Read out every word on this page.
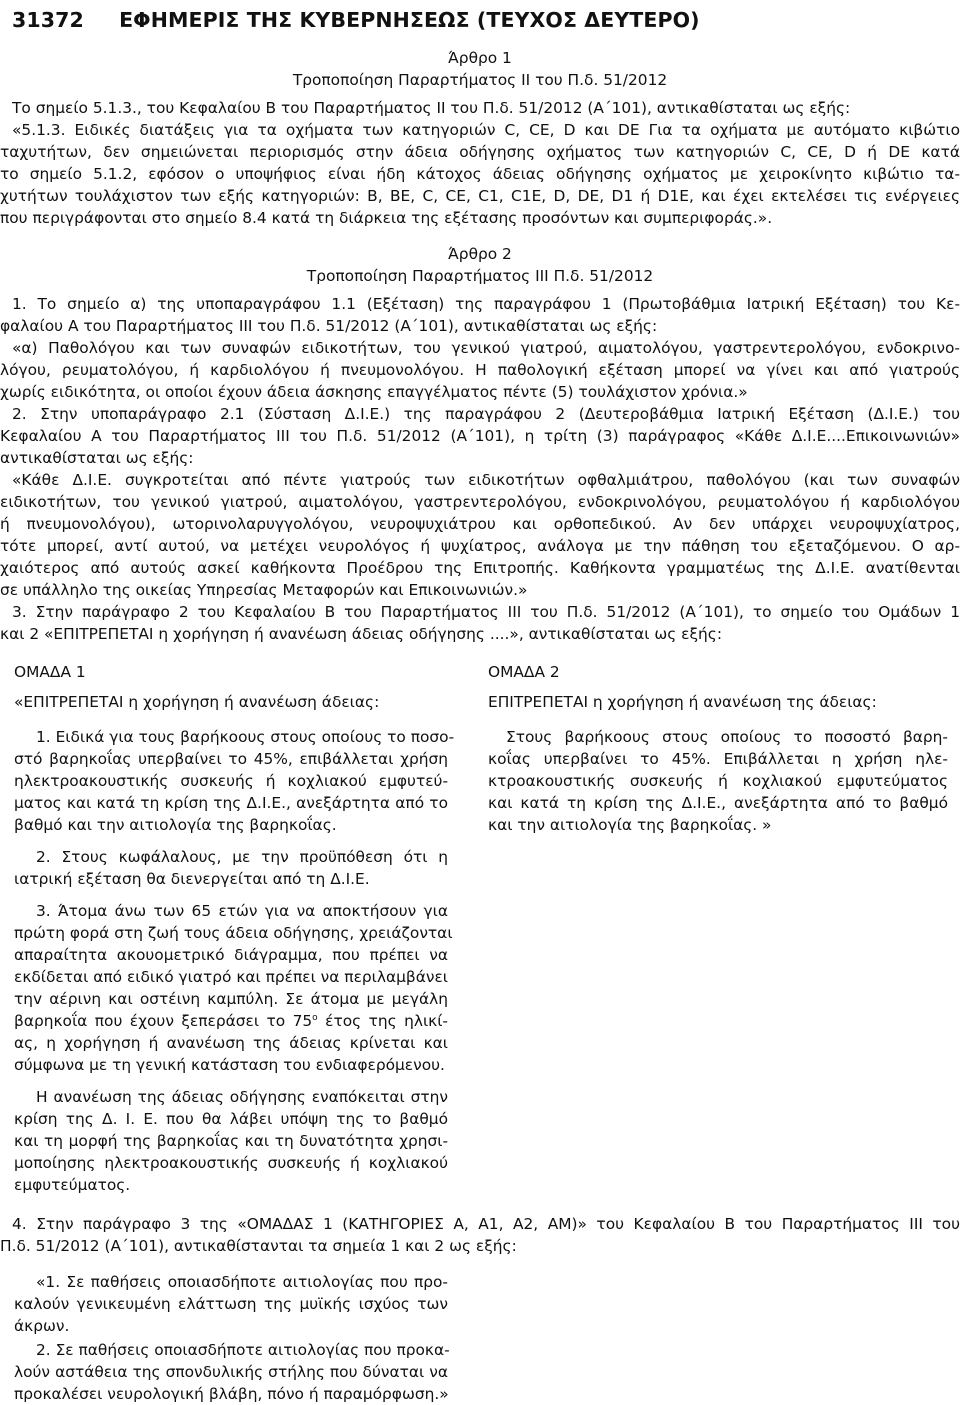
31372 ΕΦΗΜΕΡΙΣ ΤΗΣ ΚΥΒΕΡΝΗΣΕΩΣ (ΤΕΥΧΟΣ ΔΕΥΤΕΡΟ)
Άρθρο 1
Τροποποίηση Παραρτήματος ΙΙ του Π.δ. 51/2012
Το σημείο 5.1.3., του Κεφαλαίου Β του Παραρτήματος ΙΙ του Π.δ. 51/2012 (Α΄101), αντικαθίσταται ως εξής:
«5.1.3. Ειδικές διατάξεις για τα οχήματα των κατηγοριών C, CE, D και DE Για τα οχήματα με αυτόματο κιβώτιο
ταχυτήτων, δεν σημειώνεται περιορισμός στην άδεια οδήγησης οχήματος των κατηγοριών C, CE, D ή DE κατά
το σημείο 5.1.2, εφόσον ο υποψήφιος είναι ήδη κάτοχος άδειας οδήγησης οχήματος με χειροκίνητο κιβώτιο τα-
χυτήτων τουλάχιστον των εξής κατηγοριών: B, BE, C, CE, C1, C1E, D, DE, D1 ή D1E, και έχει εκτελέσει τις ενέργειες
που περιγράφονται στο σημείο 8.4 κατά τη διάρκεια της εξέτασης προσόντων και συμπεριφοράς.».
Άρθρο 2
Τροποποίηση Παραρτήματος ΙΙΙ Π.δ. 51/2012
1. Το σημείο α) της υποπαραγράφου 1.1 (Εξέταση) της παραγράφου 1 (Πρωτοβάθμια Ιατρική Εξέταση) του Κε-
φαλαίου Α του Παραρτήματος ΙΙΙ του Π.δ. 51/2012 (Α΄101), αντικαθίσταται ως εξής:
«α) Παθολόγου και των συναφών ειδικοτήτων, του γενικού γιατρού, αιματολόγου, γαστρεντερολόγου, ενδοκρινο-
λόγου, ρευματολόγου, ή καρδιολόγου ή πνευμονολόγου. Η παθολογική εξέταση μπορεί να γίνει και από γιατρούς
χωρίς ειδικότητα, οι οποίοι έχουν άδεια άσκησης επαγγέλματος πέντε (5) τουλάχιστον χρόνια.»
2. Στην υποπαράγραφο 2.1 (Σύσταση Δ.Ι.Ε.) της παραγράφου 2 (Δευτεροβάθμια Ιατρική Εξέταση (Δ.Ι.Ε.) του
Κεφαλαίου Α του Παραρτήματος ΙΙΙ του Π.δ. 51/2012 (Α΄101), η τρίτη (3) παράγραφος «Κάθε Δ.Ι.Ε....Επικοινωνιών»
αντικαθίσταται ως εξής:
«Κάθε Δ.Ι.Ε. συγκροτείται από πέντε γιατρούς των ειδικοτήτων οφθαλμιάτρου, παθολόγου (και των συναφών
ειδικοτήτων, του γενικού γιατρού, αιματολόγου, γαστρεντερολόγου, ενδοκρινολόγου, ρευματολόγου ή καρδιολόγου
ή πνευμονολόγου), ωτορινολαρυγγολόγου, νευροψυχιάτρου και ορθοπεδικού. Αν δεν υπάρχει νευροψυχίατρος,
τότε μπορεί, αντί αυτού, να μετέχει νευρολόγος ή ψυχίατρος, ανάλογα με την πάθηση του εξεταζόμενου. Ο αρ-
χαιότερος από αυτούς ασκεί καθήκοντα Προέδρου της Επιτροπής. Καθήκοντα γραμματέως της Δ.Ι.Ε. ανατίθενται
σε υπάλληλο της οικείας Υπηρεσίας Μεταφορών και Επικοινωνιών.»
3. Στην παράγραφο 2 του Κεφαλαίου Β του Παραρτήματος ΙΙΙ του Π.δ. 51/2012 (Α΄101), το σημείο του Ομάδων 1
και 2 «ΕΠΙΤΡΕΠΕΤΑΙ η χορήγηση ή ανανέωση άδειας οδήγησης ....», αντικαθίσταται ως εξής:
ΟΜΑΔΑ 1
«ΕΠΙΤΡΕΠΕΤΑΙ η χορήγηση ή ανανέωση άδειας:
1. Ειδικά για τους βαρήκοους στους οποίους το ποσο-
στό βαρηκοΐας υπερβαίνει το 45%, επιβάλλεται χρήση
ηλεκτροακουστικής συσκευής ή κοχλιακού εμφυτεύ-
ματος και κατά τη κρίση της Δ.Ι.Ε., ανεξάρτητα από το
βαθμό και την αιτιολογία της βαρηκοΐας.
2. Στους κωφάλαλους, με την προϋπόθεση ότι η
ιατρική εξέταση θα διενεργείται από τη Δ.Ι.Ε.
3. Άτομα άνω των 65 ετών για να αποκτήσουν για
πρώτη φορά στη ζωή τους άδεια οδήγησης, χρειάζονται
απαραίτητα ακουομετρικό διάγραμμα, που πρέπει να
εκδίδεται από ειδικό γιατρό και πρέπει να περιλαμβάνει
τηv αέρινη και οστέινη καμπύλη. Σε άτομα με μεγάλη
βαρηκοΐα που έχουν ξεπεράσει το $75^o$ έτος της ηλικί-
ας, η χορήγηση ή ανανέωση της άδειας κρίνεται και
σύμφωνα με τη γενική κατάσταση του ενδιαφερόμενου.
Η ανανέωση της άδειας οδήγησης εναπόκειται στην
κρίση της Δ. Ι. Ε. που θα λάβει υπόψη της το βαθμό
και τη μορφή της βαρηκοΐας και τη δυνατότητα χρησι-
μοποίησης ηλεκτροακουστικής συσκευής ή κοχλιακού
εμφυτεύματος.
ΟΜΑΔΑ 2
ΕΠΙΤΡΕΠΕΤΑΙ η χορήγηση ή ανανέωση της άδειας:
Στους βαρήκοους στους οποίους το ποσοστό βαρη-
κοΐας υπερβαίνει το 45%. Επιβάλλεται η χρήση ηλε-
κτροακουστικής συσκευής ή κοχλιακού εμφυτεύματος
και κατά τη κρίση της Δ.Ι.Ε., ανεξάρτητα από το βαθμό
και την αιτιολογία της βαρηκοΐας. »
4. Στην παράγραφο 3 της «ΟΜΑΔΑΣ 1 (ΚΑΤΗΓΟΡΙΕΣ Α, Α1, Α2, ΑΜ)» του Κεφαλαίου Β του Παραρτήματος ΙΙΙ του
Π.δ. 51/2012 (Α΄101), αντικαθίστανται τα σημεία 1 και 2 ως εξής:
«1. Σε παθήσεις οποιασδήποτε αιτιολογίας που προ-
καλούν γενικευμένη ελάττωση της μυϊκής ισχύος των
άκρων.
2. Σε παθήσεις οποιασδήποτε αιτιολογίας που προκα-
λούν αστάθεια της σπονδυλικής στήλης που δύναται να
προκαλέσει νευρολογική βλάβη, πόνο ή παραμόρφωση.»
